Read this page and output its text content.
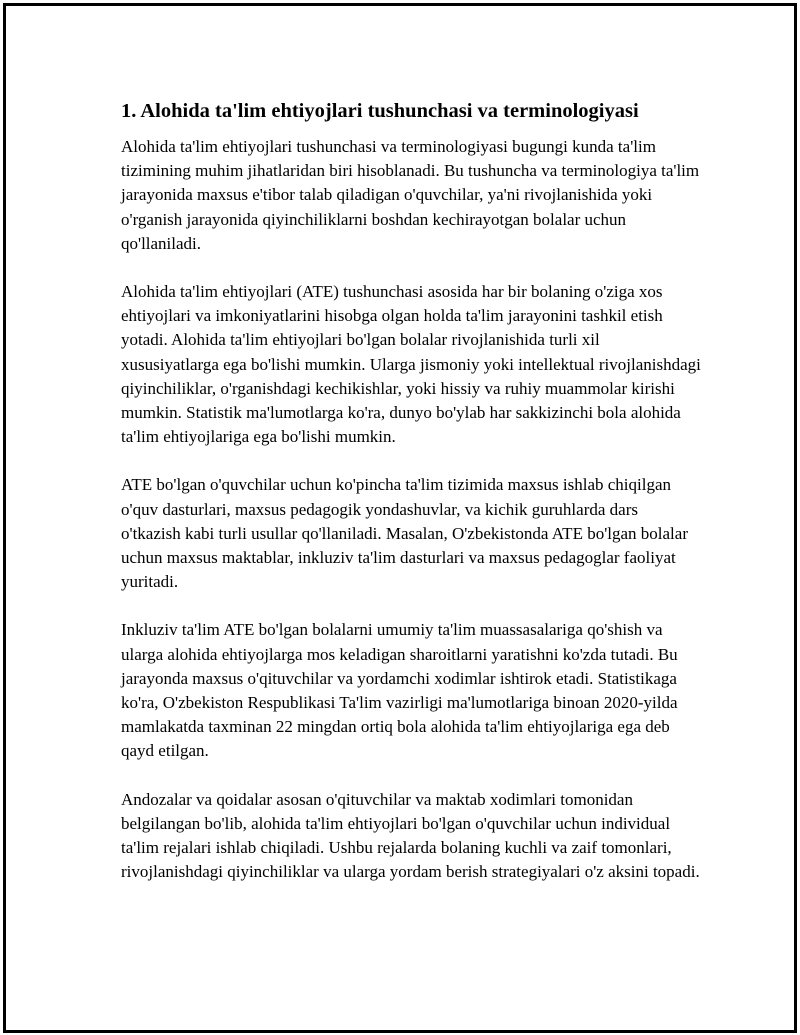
1. Alohida ta'lim ehtiyojlari tushunchasi va terminologiyasi

Alohida ta'lim ehtiyojlari tushunchasi va terminologiyasi bugungi kunda ta'lim tizimining muhim jihatlaridan biri hisoblanadi. Bu tushuncha va terminologiya ta'lim jarayonida maxsus e'tibor talab qiladigan o'quvchilar, ya'ni rivojlanishida yoki o'rganish jarayonida qiyinchiliklarni boshdan kechirayotgan bolalar uchun qo'llaniladi.

Alohida ta'lim ehtiyojlari (ATE) tushunchasi asosida har bir bolaning o'ziga xos ehtiyojlari va imkoniyatlarini hisobga olgan holda ta'lim jarayonini tashkil etish yotadi. Alohida ta'lim ehtiyojlari bo'lgan bolalar rivojlanishida turli xil xususiyatlarga ega bo'lishi mumkin. Ularga jismoniy yoki intellektual rivojlanishdagi qiyinchiliklar, o'rganishdagi kechikishlar, yoki hissiy va ruhiy muammolar kirishi mumkin. Statistik ma'lumotlarga ko'ra, dunyo bo'ylab har sakkizinchi bola alohida ta'lim ehtiyojlariga ega bo'lishi mumkin.

ATE bo'lgan o'quvchilar uchun ko'pincha ta'lim tizimida maxsus ishlab chiqilgan o'quv dasturlari, maxsus pedagogik yondashuvlar, va kichik guruhlarda dars o'tkazish kabi turli usullar qo'llaniladi. Masalan, O'zbekistonda ATE bo'lgan bolalar uchun maxsus maktablar, inkluziv ta'lim dasturlari va maxsus pedagoglar faoliyat yuritadi.

Inkluziv ta'lim ATE bo'lgan bolalarni umumiy ta'lim muassasalariga qo'shish va ularga alohida ehtiyojlarga mos keladigan sharoitlarni yaratishni ko'zda tutadi. Bu jarayonda maxsus o'qituvchilar va yordamchi xodimlar ishtirok etadi. Statistikaga ko'ra, O'zbekiston Respublikasi Ta'lim vazirligi ma'lumotlariga binoan 2020-yilda mamlakatda taxminan 22 mingdan ortiq bola alohida ta'lim ehtiyojlariga ega deb qayd etilgan.

Andozalar va qoidalar asosan o'qituvchilar va maktab xodimlari tomonidan belgilangan bo'lib, alohida ta'lim ehtiyojlari bo'lgan o'quvchilar uchun individual ta'lim rejalari ishlab chiqiladi. Ushbu rejalarda bolaning kuchli va zaif tomonlari, rivojlanishdagi qiyinchiliklar va ularga yordam berish strategiyalari o'z aksini topadi.
